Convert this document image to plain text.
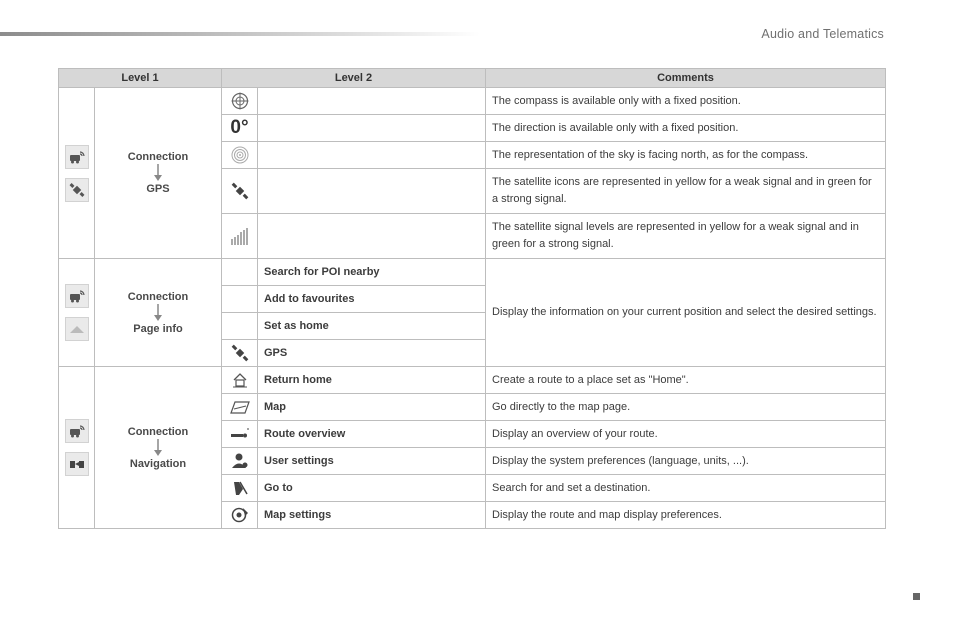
Audio and Telematics
Level 1		Level 2		Comments

Connection
GPS			The compass is available only with a fixed position.
		0°		The direction is available only with a fixed position.

		The representation of the sky is facing north, as for the compass.

		The satellite icons are represented in yellow for a weak signal and in green for a strong signal.

		The satellite signal levels are represented in yellow for a weak signal and in green for a strong signal.

Connection
Page info		Search for POI nearby	Display the information on your current position and select the desired settings.
			Add to favourites	
			Set as home	

	GPS	

Connection
Navigation		Return home	Create a route to a place set as "Home".

	Map	Go directly to the map page.

	Route overview	Display an overview of your route.

	User settings	Display the system preferences (language, units, ...).

	Go to	Search for and set a destination.

	Map settings	Display the route and map display preferences.
